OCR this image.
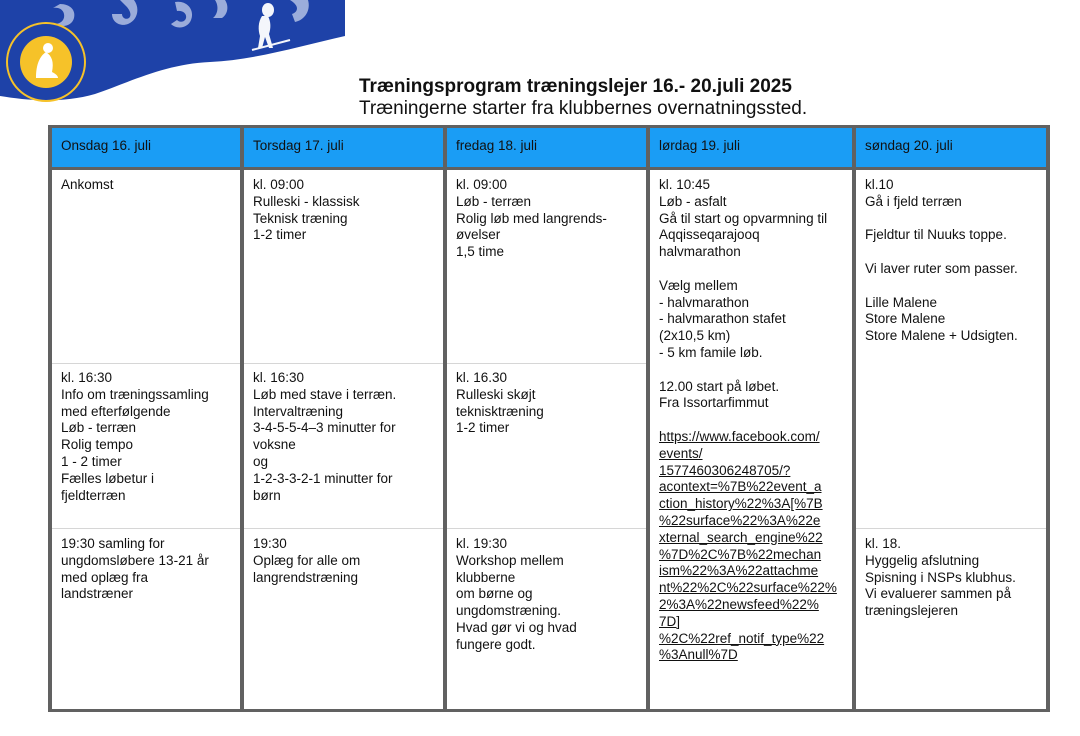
Træningsprogram træningslejer 16.- 20.juli 2025
Træningerne starter fra klubbernes overnatningssted.
Onsdag 16. juli
Ankomst
kl. 16:30
Info om træningssamling
med efterfølgende
Løb - terræn
Rolig tempo
1 - 2 timer
Fælles løbetur i
fjeldterræn
19:30 samling for
ungdomsløbere 13-21 år
med oplæg fra
landstræner
Torsdag 17. juli
kl. 09:00
Rulleski - klassisk
Teknisk træning
1-2 timer
kl. 16:30
Løb med stave i terræn.
Intervaltræning
3-4-5-5-4–3 minutter for
voksne
og
1-2-3-3-2-1 minutter for
børn
19:30
Oplæg for alle om
langrendstræning
fredag 18. juli
kl. 09:00
Løb - terræn
Rolig løb med langrends-
øvelser
1,5 time
kl. 16.30
Rulleski skøjt
teknisktræning
1-2 timer
kl. 19:30
Workshop mellem
klubberne
om børne og
ungdomstræning.
Hvad gør vi og hvad
fungere godt.
lørdag 19. juli
kl. 10:45
Løb - asfalt
Gå til start og opvarmning til
Aqqisseqarajooq
halvmarathon
Vælg mellem
- halvmarathon
- halvmarathon stafet
(2x10,5 km)
- 5 km famile løb.
12.00 start på løbet.
Fra Issortarfimmut
https://www.facebook.com/
events/
1577460306248705/?
acontext=%7B%22event_a
ction_history%22%3A[%7B
%22surface%22%3A%22e
xternal_search_engine%22
%7D%2C%7B%22mechan
ism%22%3A%22attachme
nt%22%2C%22surface%22%
2%3A%22newsfeed%22%
7D]
%2C%22ref_notif_type%22
%3Anull%7D
søndag 20. juli
kl.10
Gå i fjeld terræn
Fjeldtur til Nuuks toppe.
Vi laver ruter som passer.
Lille Malene
Store Malene
Store Malene + Udsigten.
kl. 18.
Hyggelig afslutning
Spisning i NSPs klubhus.
Vi evaluerer sammen på
træningslejeren
